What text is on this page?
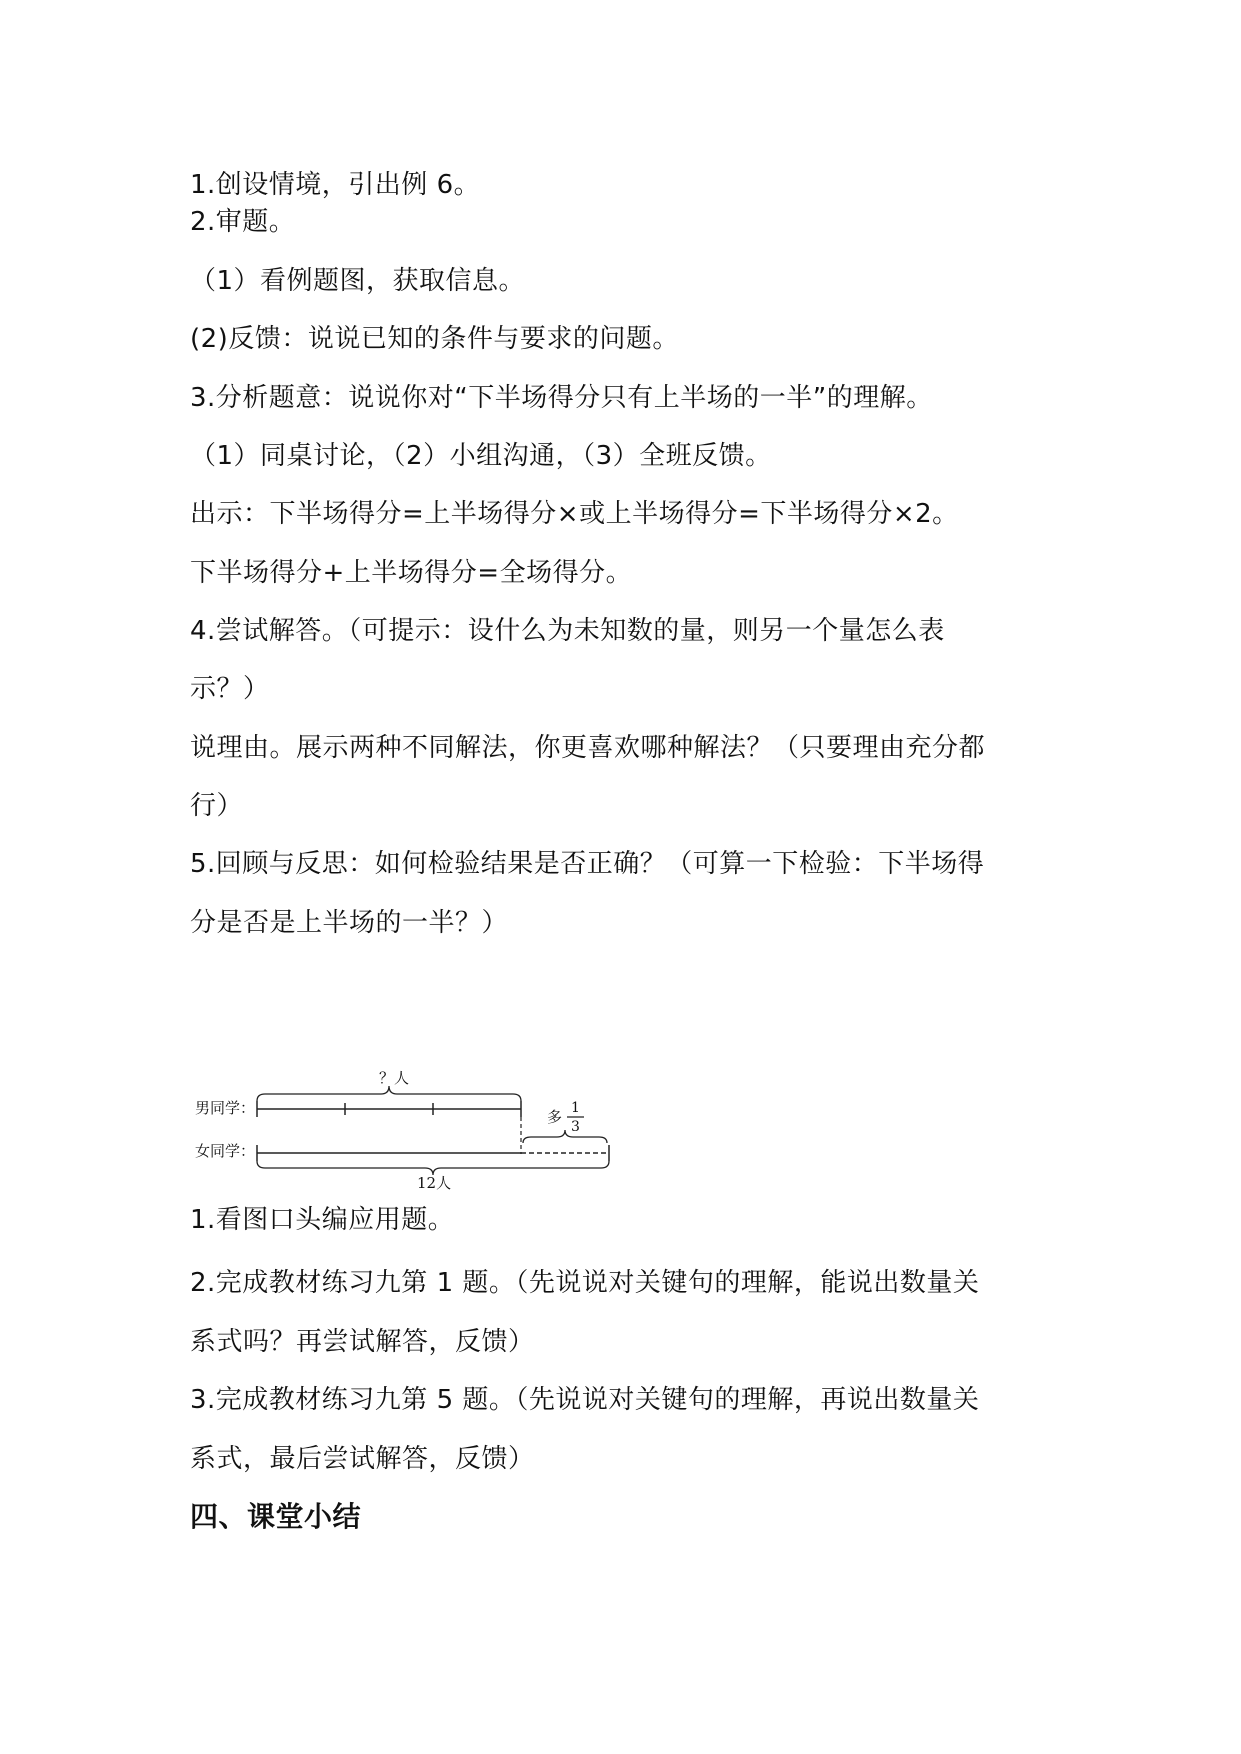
1.创设情境，引出例 6。
2.审题。
（1）看例题图，获取信息。
(2)反馈：说说已知的条件与要求的问题。
3.分析题意：说说你对“下半场得分只有上半场的一半”的理解。
（1）同桌讨论，（2）小组沟通，（3）全班反馈。
出示：下半场得分=上半场得分×或上半场得分=下半场得分×2。
下半场得分+上半场得分=全场得分。
4.尝试解答。（可提示：设什么为未知数的量，则另一个量怎么表
示？）
说理由。展示两种不同解法，你更喜欢哪种解法？（只要理由充分都
行）
5.回顾与反思：如何检验结果是否正确？（可算一下检验：下半场得
分是否是上半场的一半？）
男同学：
？人
女同学：
多 1
3
12人
1.看图口头编应用题。
2.完成教材练习九第 1 题。（先说说对关键句的理解，能说出数量关
系式吗？再尝试解答，反馈）
3.完成教材练习九第 5 题。（先说说对关键句的理解，再说出数量关
系式，最后尝试解答，反馈）
四、课堂小结
